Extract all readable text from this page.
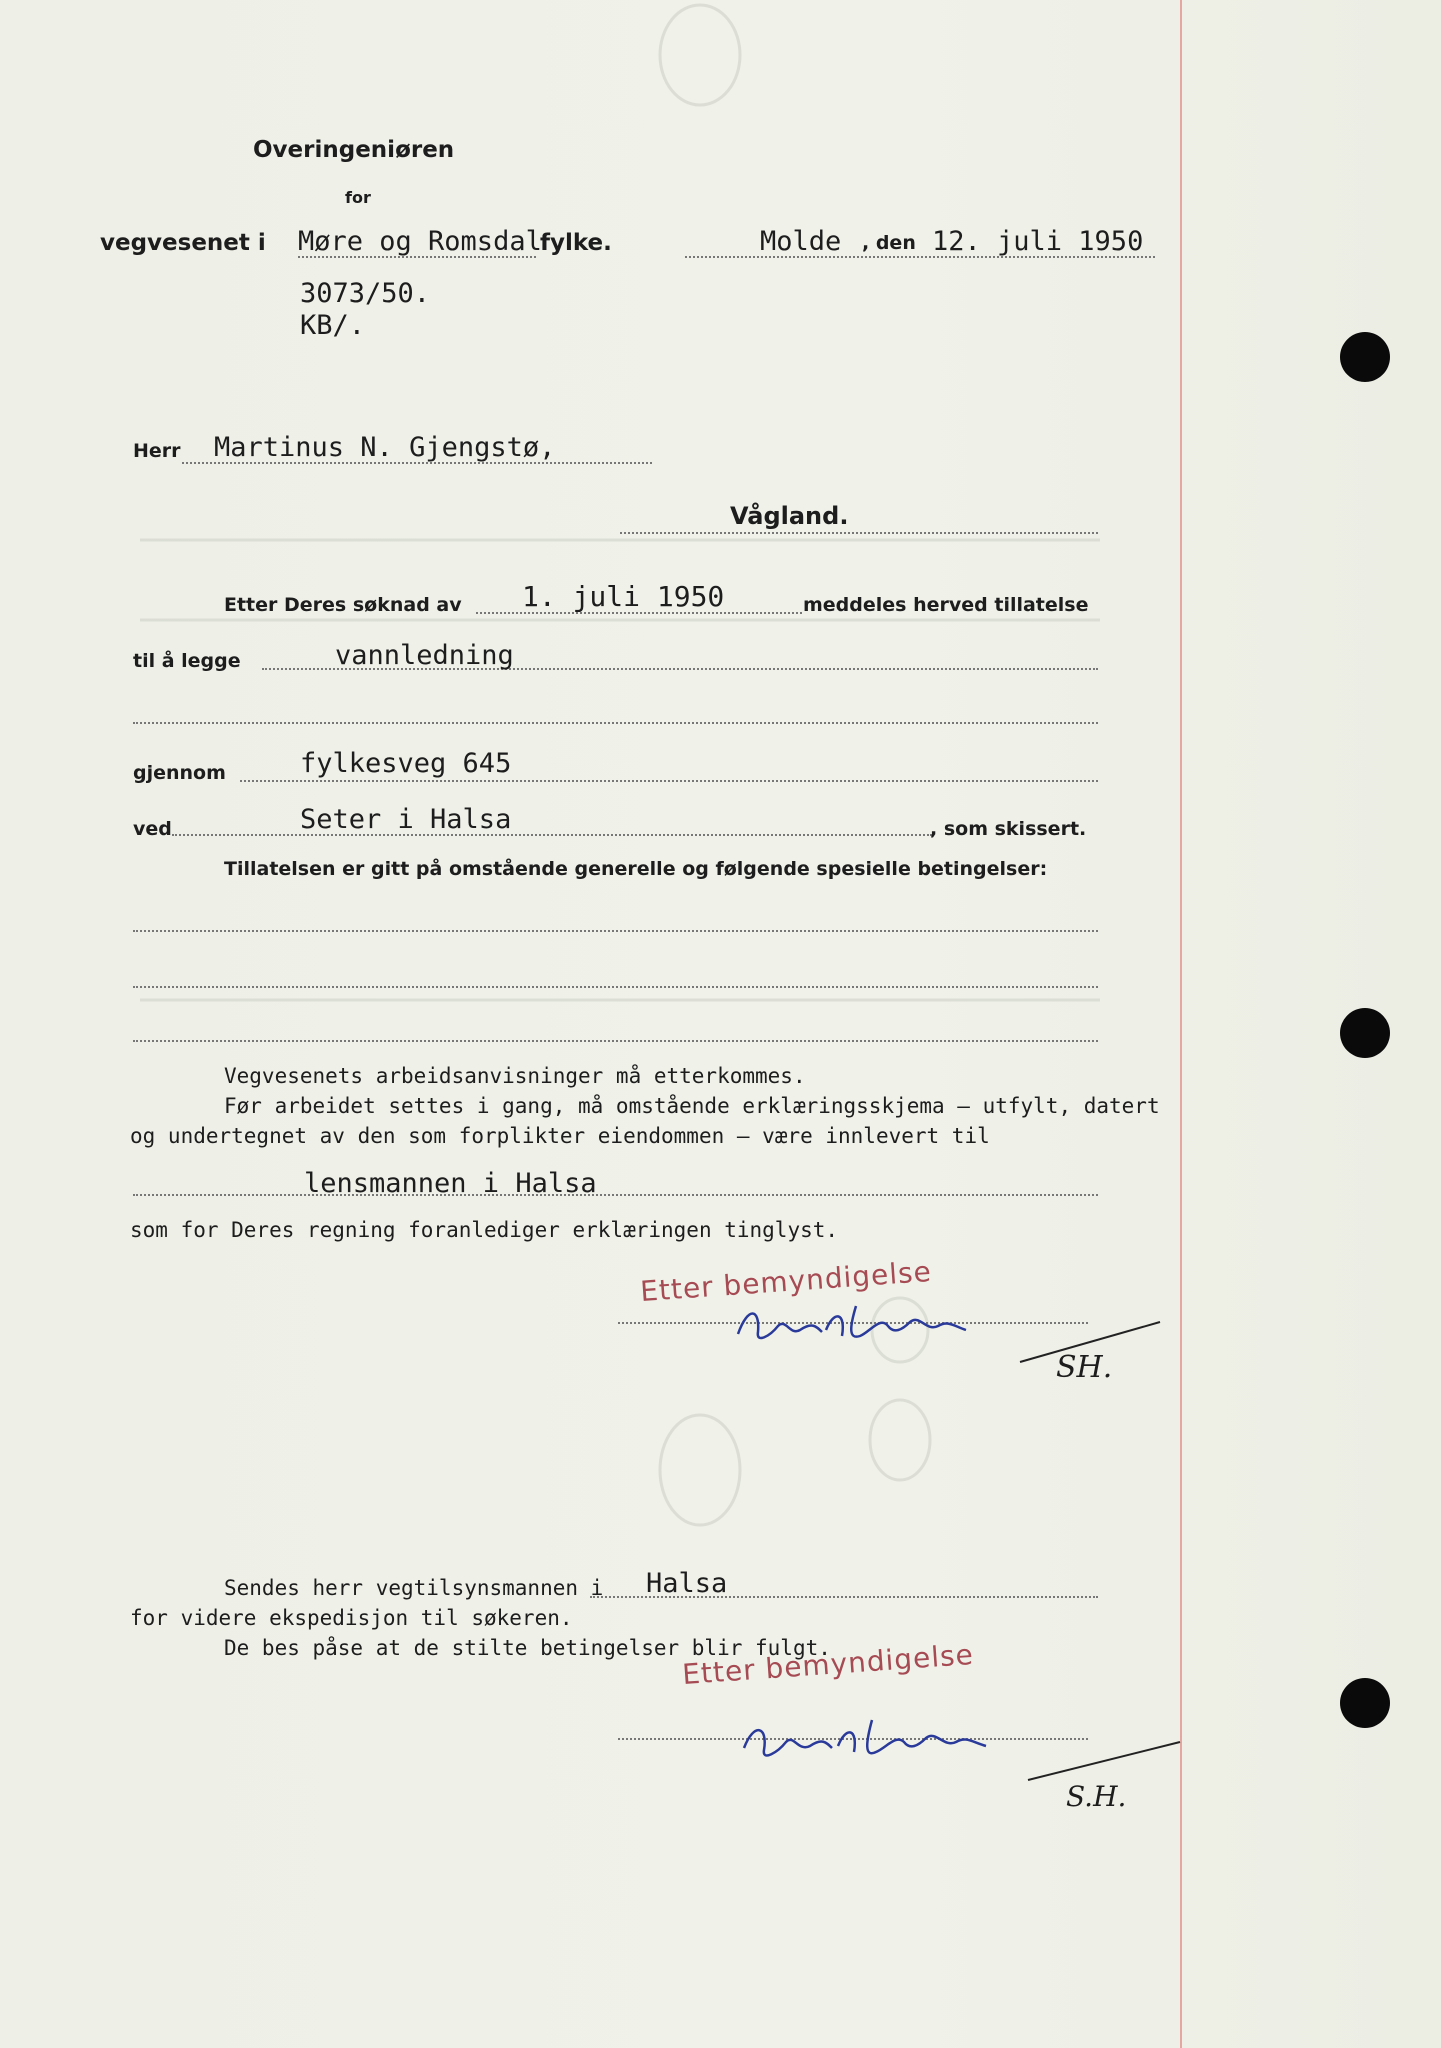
Overingeniøren
for
vegvesenet i Møre og Romsdal
fylke.	Molde , den 12. juli 1950
3073/50.
KB/.
Herr Martinus N. Gjengstø,
Vågland.
Etter Deres søknad av 1. juli 1950	meddeles herved tillatelse
til å legge	vannledning
gjennom	fylkesveg 645
ved	Seter i Halsa	, som skissert.
Tillatelsen er gitt på omstående generelle og følgende spesielle betingelser:
Vegvesenets arbeidsanvisninger må etterkommes.
Før arbeidet settes i gang, må omstående erklæringsskjema — utfylt, datert
og undertegnet av den som forplikter eiendommen — være innlevert til
lensmannen i Halsa
som for Deres regning foranlediger erklæringen tinglyst.
Etter bemyndigelse
SH.
Sendes herr vegtilsynsmannen i Halsa
for videre ekspedisjon til søkeren.
De bes påse at de stilte betingelser blir fulgt.
Etter bemyndigelse
S.H.
